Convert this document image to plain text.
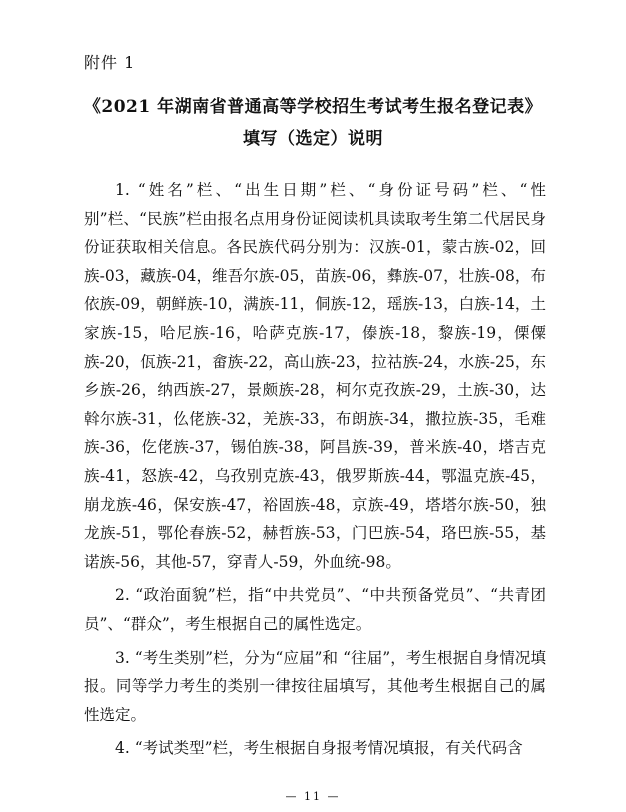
附件 1
《2021 年湖南省普通高等学校招生考试考生报名登记表》
填写（选定）说明

1. “姓名”栏、“出生日期”栏、“身份证号码”栏、“性别”栏、“民族”栏由报名点用身份证阅读机具读取考生第二代居民身份证获取相关信息。各民族代码分别为：汉族-01，蒙古族-02，回族-03，藏族-04，维吾尔族-05，苗族-06，彝族-07，壮族-08，布依族-09，朝鲜族-10，满族-11，侗族-12，瑶族-13，白族-14，土家族-15，哈尼族-16，哈萨克族-17，傣族-18，黎族-19，傈僳族-20，佤族-21，畲族-22，高山族-23，拉祜族-24，水族-25，东乡族-26，纳西族-27，景颇族-28，柯尔克孜族-29，土族-30，达斡尔族-31，仫佬族-32，羌族-33，布朗族-34，撒拉族-35，毛难族-36，仡佬族-37，锡伯族-38，阿昌族-39，普米族-40，塔吉克族-41，怒族-42，乌孜别克族-43，俄罗斯族-44，鄂温克族-45，崩龙族-46，保安族-47，裕固族-48，京族-49，塔塔尔族-50，独龙族-51，鄂伦春族-52，赫哲族-53，门巴族-54，珞巴族-55，基诺族-56，其他-57，穿青人-59，外血统-98。

2. “政治面貌”栏，指“中共党员”、“中共预备党员”、“共青团员”、“群众”，考生根据自己的属性选定。

3. “考生类别”栏，分为“应届”和 “往届”，考生根据自身情况填报。同等学力考生的类别一律按往届填写，其他考生根据自己的属性选定。

4. “考试类型”栏，考生根据自身报考情况填报，有关代码含

— 11 —
